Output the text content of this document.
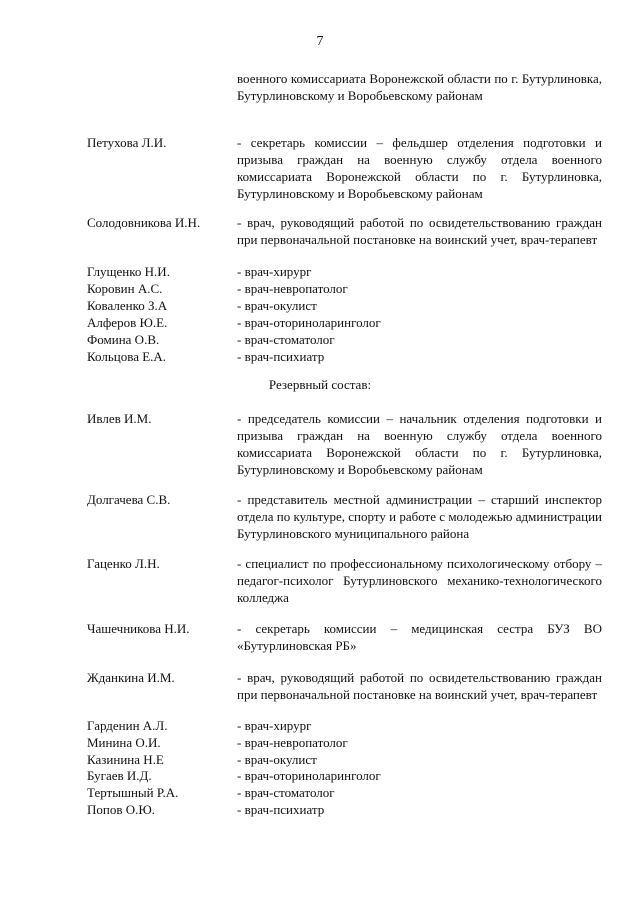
7
военного комиссариата Воронежской области по г. Бутурлиновка, Бутурлиновскому и Воробьевскому районам
Петухова Л.И.	- секретарь комиссии – фельдшер отделения подготовки и призыва граждан на военную службу отдела военного комиссариата Воронежской области по г. Бутурлиновка, Бутурлиновскому и Воробьевскому районам
Солодовникова И.Н.	- врач, руководящий работой по освидетельствованию граждан при первоначальной постановке на воинский учет, врач-терапевт
Глущенко Н.И.	- врач-хирург
Коровин А.С.	- врач-невропатолог
Коваленко З.А	- врач-окулист
Алферов Ю.Е.	- врач-оториноларинголог
Фомина О.В.	- врач-стоматолог
Кольцова Е.А.	- врач-психиатр
Резервный состав:
Ивлев И.М.	- председатель комиссии – начальник отделения подготовки и призыва граждан на военную службу отдела военного комиссариата Воронежской области по г. Бутурлиновка, Бутурлиновскому и Воробьевскому районам
Долгачева С.В.	- представитель местной администрации – старший инспектор отдела по культуре, спорту и работе с молодежью администрации Бутурлиновского муниципального района
Гаценко Л.Н.	- специалист по профессиональному психологическому отбору – педагог-психолог Бутурлиновского механико-технологического колледжа
Чашечникова Н.И.	- секретарь комиссии – медицинская сестра БУЗ ВО «Бутурлиновская РБ»
Жданкина И.М.	- врач, руководящий работой по освидетельствованию граждан при первоначальной постановке на воинский учет, врач-терапевт
Гарденин А.Л.	- врач-хирург
Минина О.И.	- врач-невропатолог
Казинина Н.Е	- врач-окулист
Бугаев И.Д.	- врач-оториноларинголог
Тертышный Р.А.	- врач-стоматолог
Попов О.Ю.	- врач-психиатр
